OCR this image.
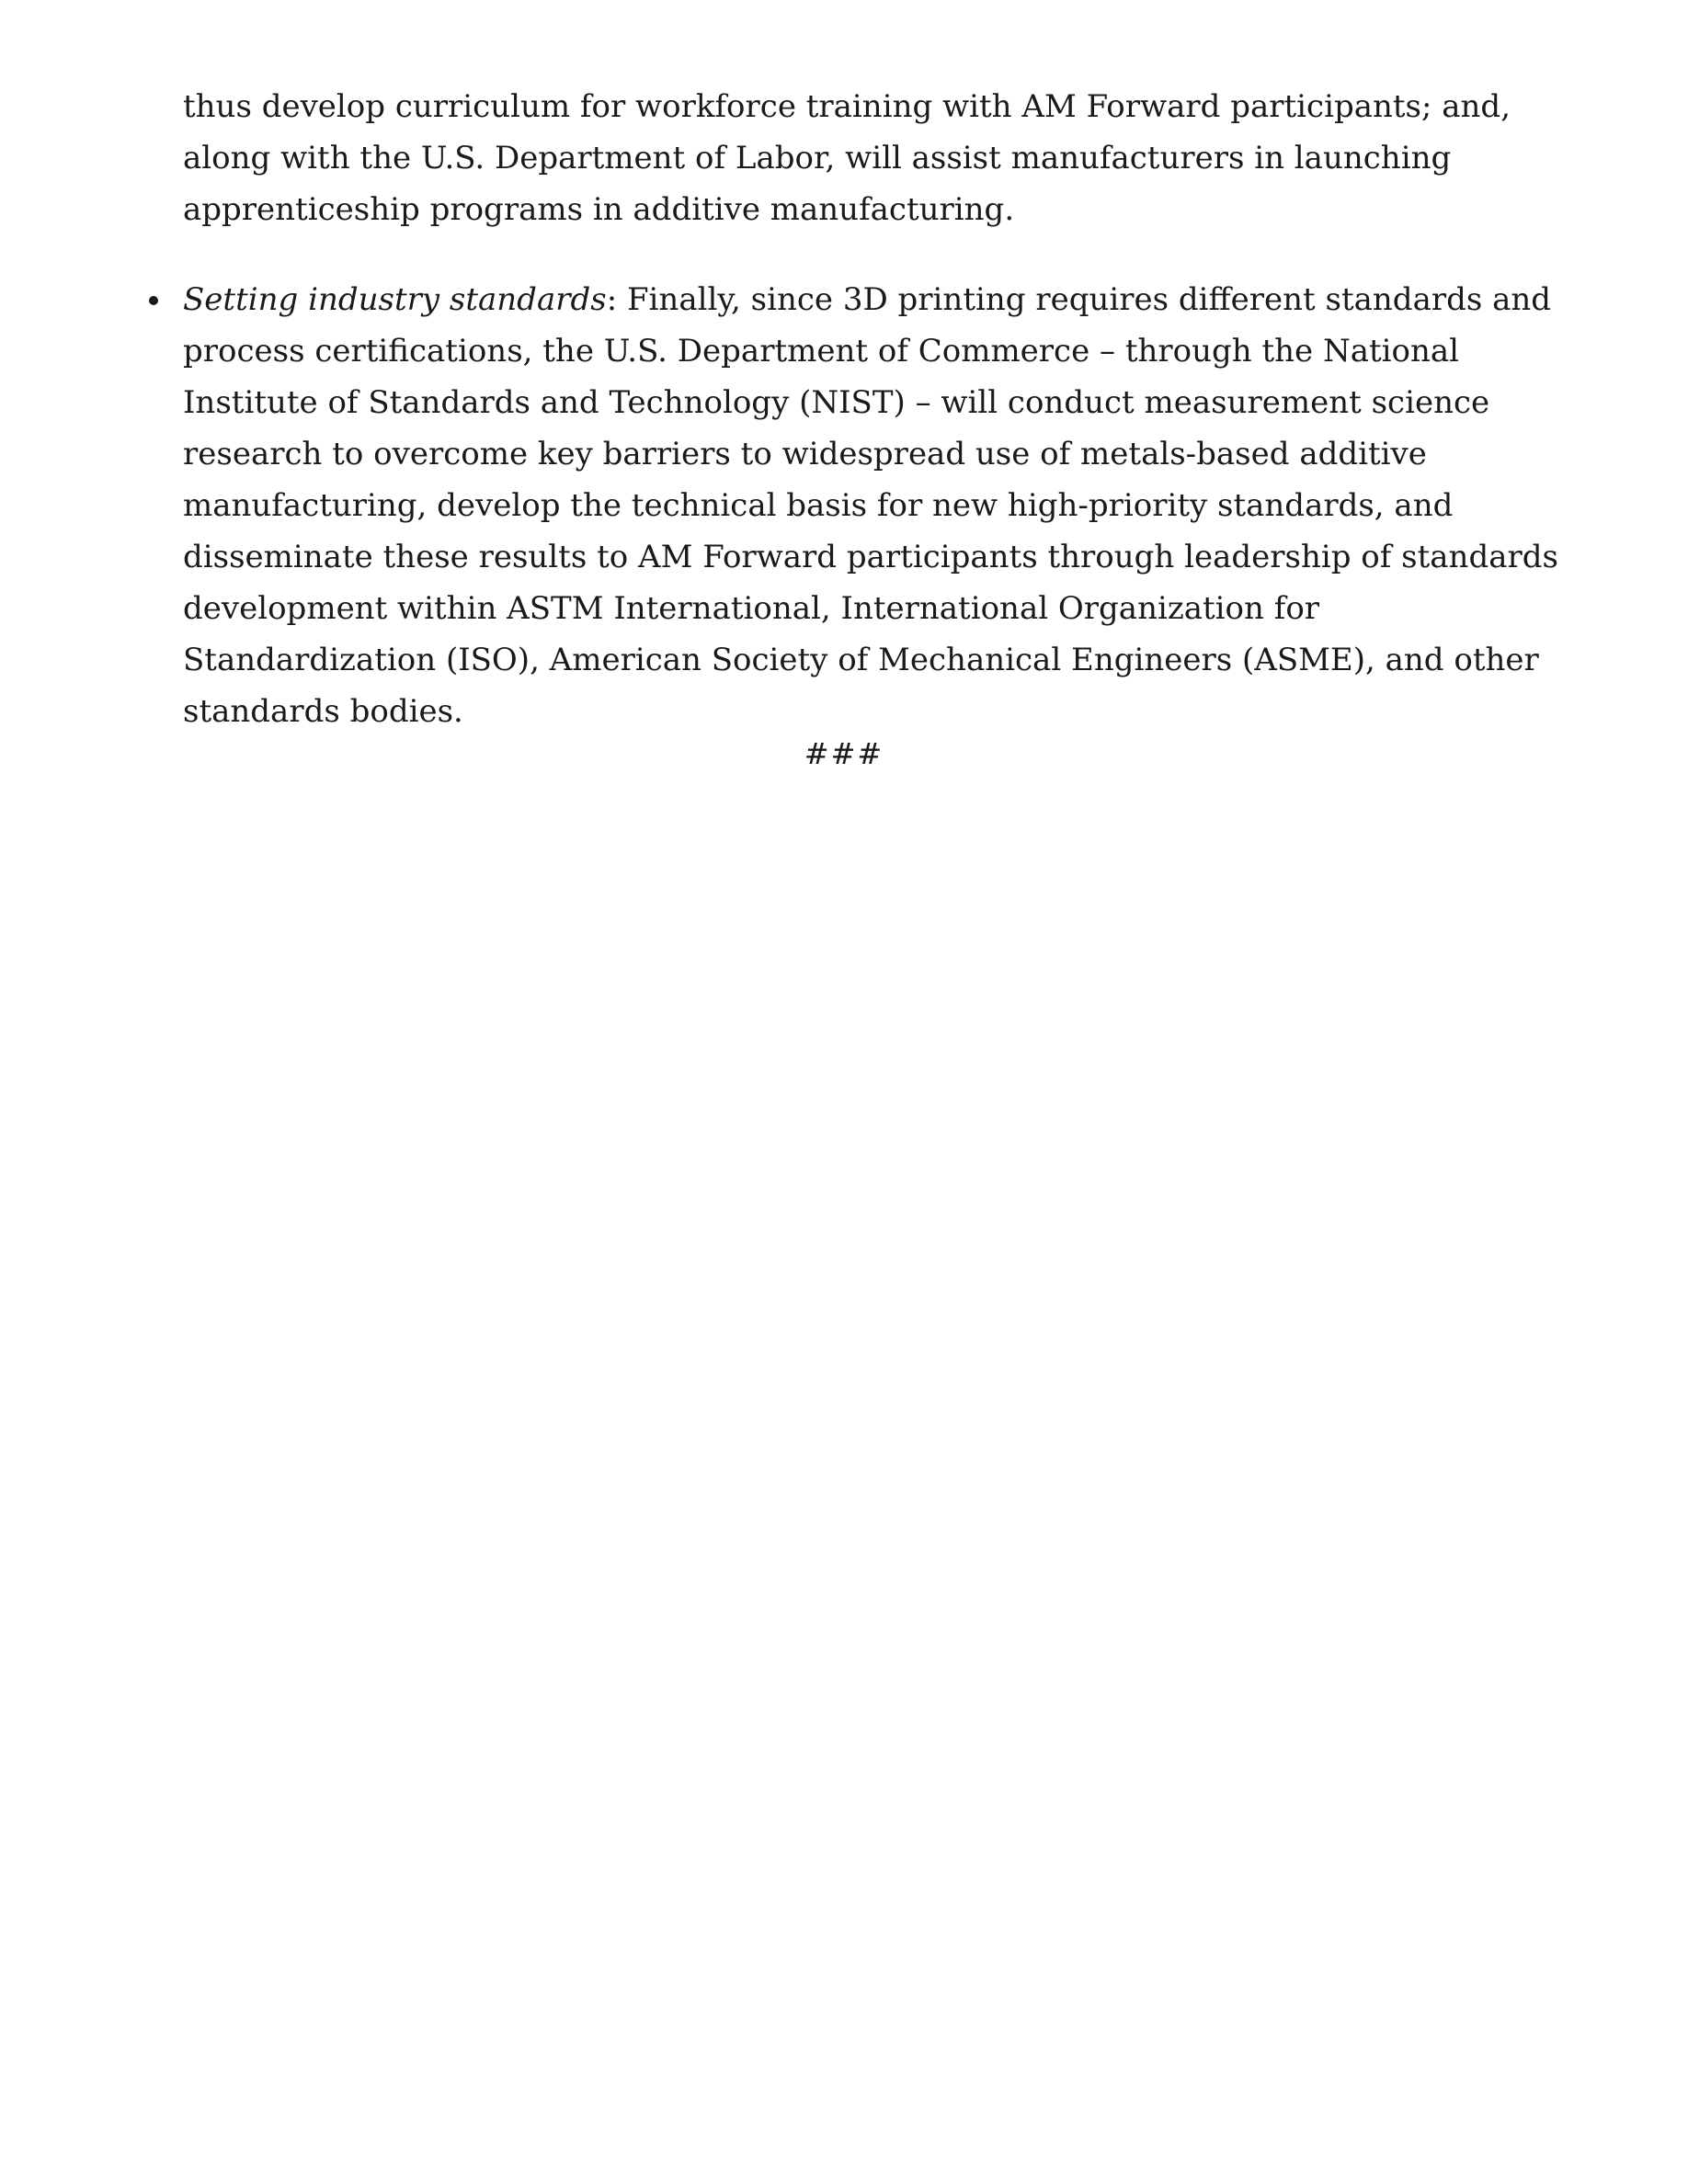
thus develop curriculum for workforce training with AM Forward participants; and, along with the U.S. Department of Labor, will assist manufacturers in launching apprenticeship programs in additive manufacturing.

Setting industry standards: Finally, since 3D printing requires different standards and process certifications, the U.S. Department of Commerce – through the National Institute of Standards and Technology (NIST) – will conduct measurement science research to overcome key barriers to widespread use of metals-based additive manufacturing, develop the technical basis for new high-priority standards, and disseminate these results to AM Forward participants through leadership of standards development within ASTM International, International Organization for Standardization (ISO), American Society of Mechanical Engineers (ASME), and other standards bodies.

###
